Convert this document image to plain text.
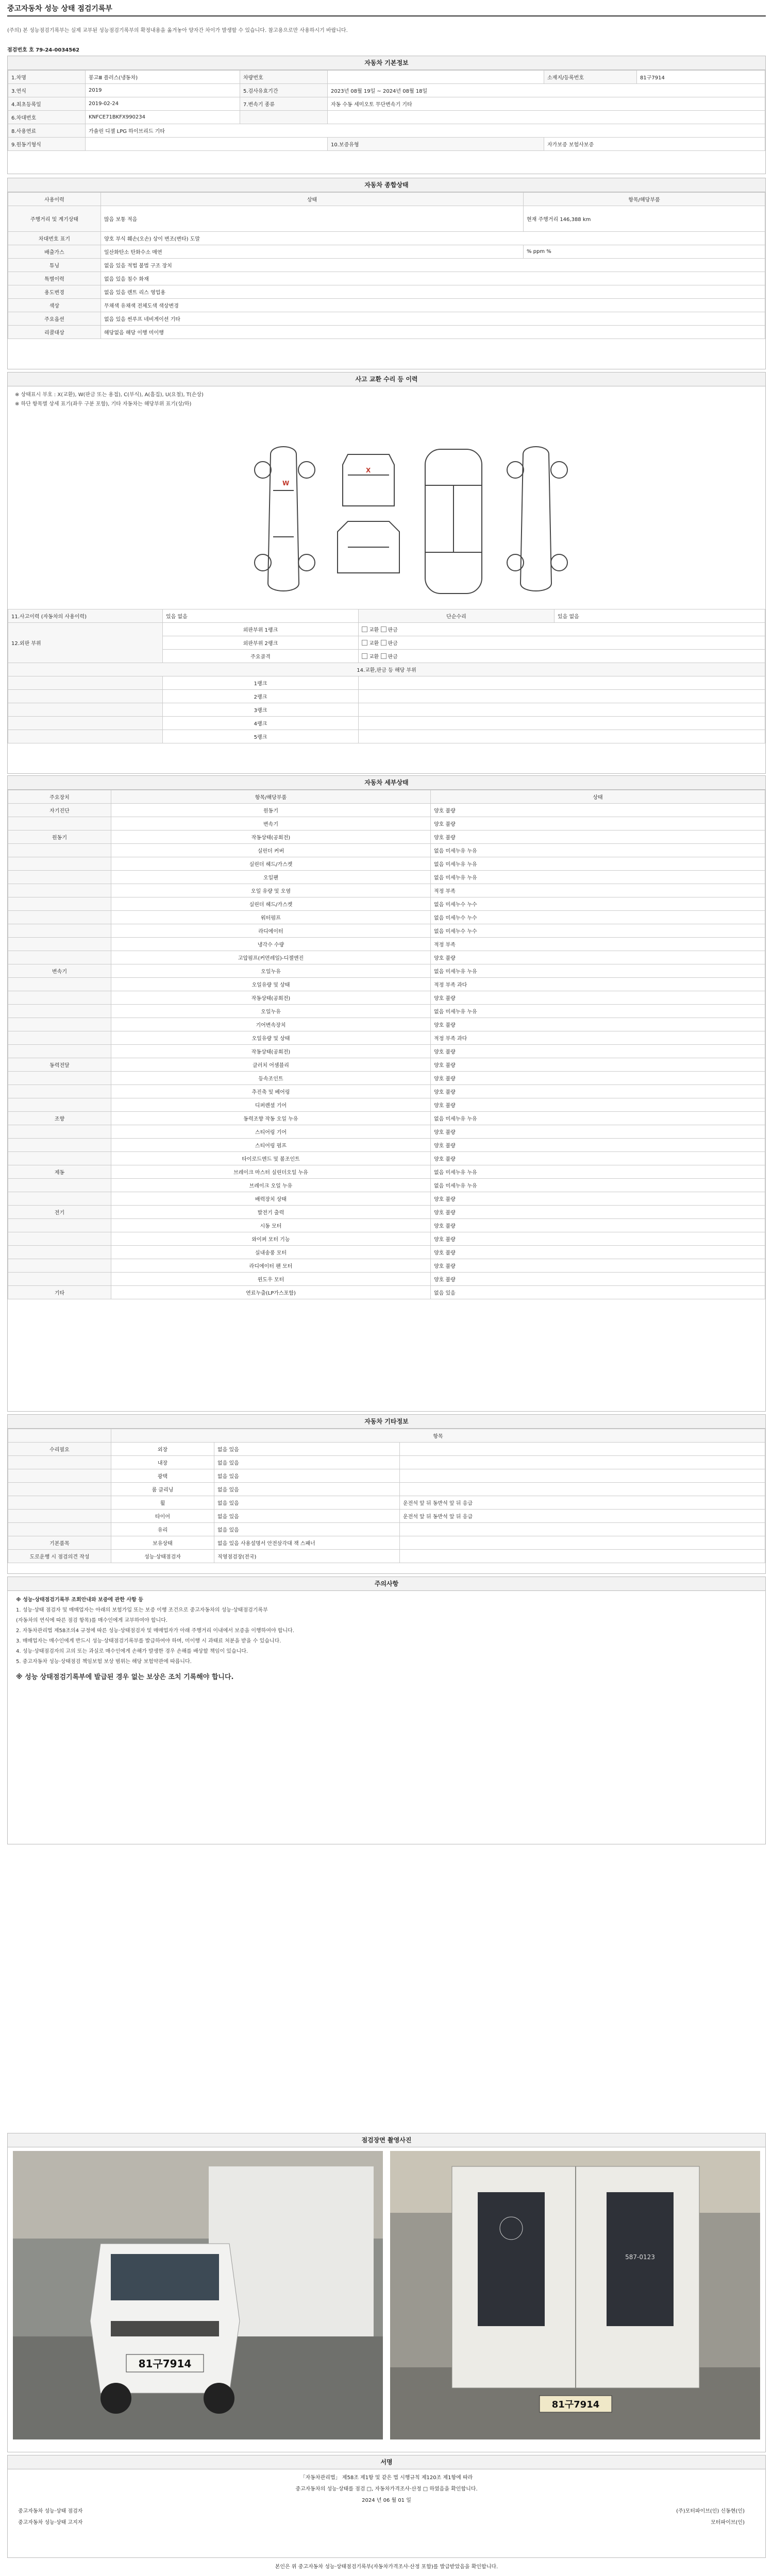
중고자동차 성능 상태 점검기록부
(주의) 본 성능점검기록부는 실제 교부된 성능점검기록부의 확정내용을 옮겨놓아 양자간 차이가 발생할 수 있습니다. 참고용으로만 사용하시기 바랍니다.
점검번호 호 79-24-0034562
자동차 기본정보
1.차명	봉고Ⅲ 플러스(냉동차)	차량번호		소재지/등록번호	81구7914
3.연식	2019	5.검사유효기간	2023년 08월 19일 ~ 2024년 08월 18일		
4.최초등록일	2019-02-24	7.변속기 종류	자동 수동 세미오토 무단변속기 기타		
6.차대번호	KNFCE71BKFX990234				
8.사용연료	가솔린 디젤 LPG 하이브리드 기타				
9.원동기형식			10.보증유형	자가보증 보험사보증	
자동차 종합상태
사용이력	상태	항목/해당부품
주행거리 및 계기상태	많음 보통 적음	현재 주행거리 146,388 km
차대번호 표기	양호 부식 훼손(오손) 상이 변조(변타) 도말	
배출가스	일산화탄소 탄화수소 매연	% ppm %
튜닝	없음 있음 적법 불법 구조 장치	
특별이력	없음 있음 침수 화재	
용도변경	없음 있음 렌트 리스 영업용	
색상	무채색 유채색 전체도색 색상변경	
주요옵션	없음 있음 썬루프 네비게이션 기타	
리콜대상	해당없음 해당 이행 미이행	
사고 교환 수리 등 이력
※ 상태표시 부호 : X(교환), W(판금 또는 용접), C(부식), A(흠집), U(요철), T(손상)
※ 하단 항목별 상세 표기(좌우 구분 포함), 기타 자동차는 해당부위 표기(상/하)
W
X
11.사고이력 (자동차의 사용이력)	있음 없음	단순수리	있음 없음
12.외판 부위	외판부위 1랭크	교환 판금	
	외판부위 2랭크	교환 판금	
	주요골격	교환 판금	
14.교환,판금 등 해당 부위			
	1랭크		
	2랭크		
	3랭크		
	4랭크		
	5랭크		
자동차 세부상태
주요장치	항목/해당부품	상태
자기진단	원동기	양호 불량
	변속기	양호 불량
원동기	작동상태(공회전)	양호 불량
	실린더 커버	없음 미세누유 누유
	실린더 헤드/가스켓	없음 미세누유 누유
	오일팬	없음 미세누유 누유
	오일 유량 및 오염	적정 부족
	실린더 헤드/가스켓	없음 미세누수 누수
	워터펌프	없음 미세누수 누수
	라디에이터	없음 미세누수 누수
	냉각수 수량	적정 부족
	고압펌프(커먼레일)-디젤엔진	양호 불량
변속기	오일누유	없음 미세누유 누유
	오일유량 및 상태	적정 부족 과다
	작동상태(공회전)	양호 불량
	오일누유	없음 미세누유 누유
	기어변속장치	양호 불량
	오일유량 및 상태	적정 부족 과다
	작동상태(공회전)	양호 불량
동력전달	클러치 어셈블리	양호 불량
	등속조인트	양호 불량
	추진축 및 베어링	양호 불량
	디퍼렌셜 기어	양호 불량
조향	동력조향 작동 오일 누유	없음 미세누유 누유
	스티어링 기어	양호 불량
	스티어링 펌프	양호 불량
	타이로드엔드 및 볼조인트	양호 불량
제동	브레이크 마스터 실린더오일 누유	없음 미세누유 누유
	브레이크 오일 누유	없음 미세누유 누유
	배력장치 상태	양호 불량
전기	발전기 출력	양호 불량
	시동 모터	양호 불량
	와이퍼 모터 기능	양호 불량
	실내송풍 모터	양호 불량
	라디에이터 팬 모터	양호 불량
	윈도우 모터	양호 불량
기타	연료누출(LP가스포함)	없음 있음
자동차 기타정보
	항목		
수리필요	외장	없음 있음	
	내장	없음 있음	
	광택	없음 있음	
	룸 클리닝	없음 있음	
	휠	없음 있음	운전석 앞 뒤 동반석 앞 뒤 응급
	타이어	없음 있음	운전석 앞 뒤 동반석 앞 뒤 응급
	유리	없음 있음	
기본품목	보유상태	없음 있음 사용설명서 안전삼각대 잭 스패너	
도로운행 시 점검의견 작성	성능·상태점검자	직영점검장(전국)	
주의사항

※ 성능·상태점검기록부 조회안내와 보증에 관한 사항 등

1. 성능·상태 점검자 및 매매업자는 아래의 보험가입 또는 보증 이행 조건으로 중고자동차의 성능·상태점검기록부

(자동차의 연식에 따른 점검 항목)를 매수인에게 교부하여야 합니다.

2. 자동차관리법 제58조의4 규정에 따른 성능·상태점검자 및 매매업자가 아래 주행거리 이내에서 보증을 이행하여야 합니다.

3. 매매업자는 매수인에게 반드시 성능·상태점검기록부를 발급하여야 하며, 미이행 시 과태료 처분을 받을 수 있습니다.

4. 성능·상태점검자의 고의 또는 과실로 매수인에게 손해가 발생한 경우 손해를 배상할 책임이 있습니다.

5. 중고자동차 성능·상태점검 책임보험 보상 범위는 해당 보험약관에 따릅니다.

※ 성능 상태점검기록부에 발급된 경우 없는 보상은 조치 기록해야 합니다.

점검장면 촬영사진
81구7914
587-0123
81구7914
서명
「자동차관리법」 제58조 제1항 및 같은 법 시행규칙 제120조 제1항에 따라
중고자동차의 성능·상태를 점검 □, 자동차가격조사·산정 □ 하였음을 확인합니다.
2024 년 06 월 01 일
중고자동차 성능·상태 점검자	(주)모터파이브(인) 신동현(인)
중고자동차 성능·상태 고지자	모터파이브(인)
본인은 위 중고자동차 성능·상태점검기록부(자동차가격조사·산정 포함)를 발급받았음을 확인합니다.
